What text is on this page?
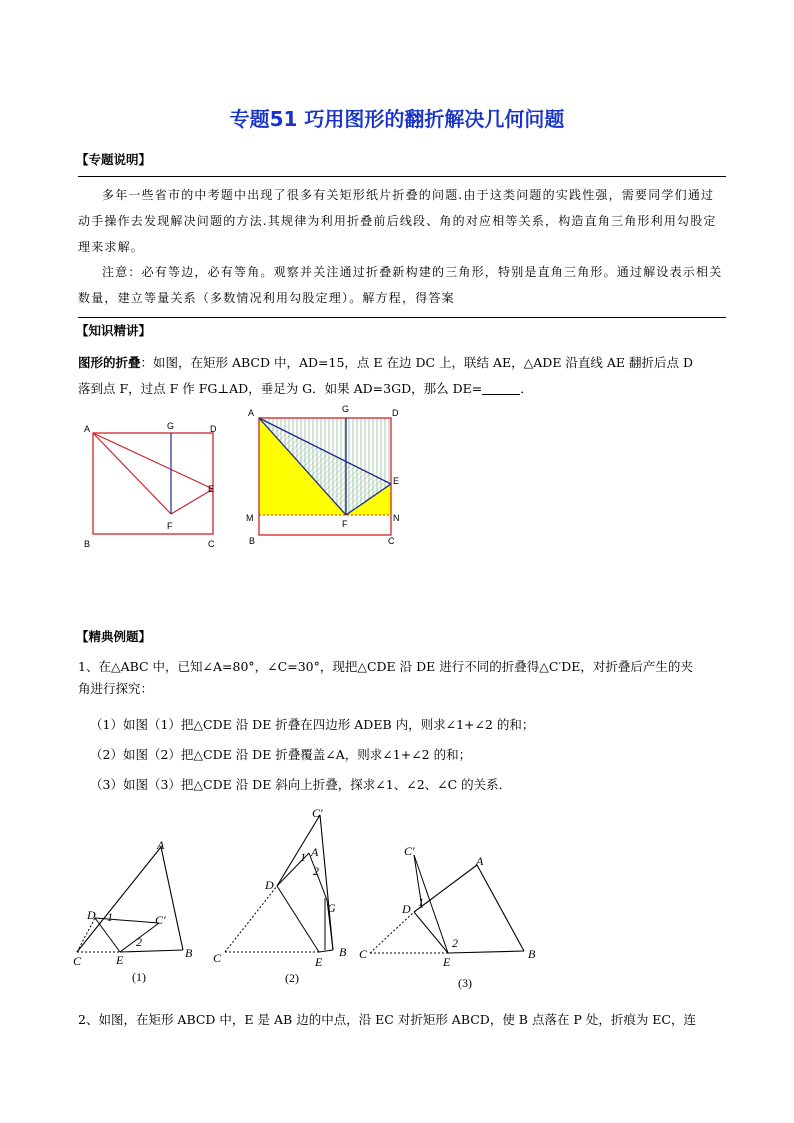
专题51 巧用图形的翻折解决几何问题
【专题说明】
多年一些省市的中考题中出现了很多有关矩形纸片折叠的问题.由于这类问题的实践性强，需要同学们通过动手操作去发现解决问题的方法.其规律为利用折叠前后线段、角的对应相等关系，构造直角三角形利用勾股定理来求解。
注意：必有等边，必有等角。观察并关注通过折叠新构建的三角形，特别是直角三角形。通过解设表示相关数量，建立等量关系（多数情况利用勾股定理）。解方程，得答案
【知识精讲】
图形的折叠：如图，在矩形 ABCD 中，AD=15，点 E 在边 DC 上，联结 AE，△ADE 沿直线 AE 翻折后点 D
落到点 F，过点 F 作 FG⊥AD，垂足为 G．如果 AD=3GD，那么 DE=	．
A	G	D
E
F
B	C
A	G	D
E
M
F
N
B	C
【精典例题】
1、在△ABC 中，已知∠A=80°，∠C=30°，现把△CDE 沿 DE 进行不同的折叠得△C′DE，对折叠后产生的夹
角进行探究：
（1）如图（1）把△CDE 沿 DE 折叠在四边形 ADEB 内，则求∠1+∠2 的和；
（2）如图（2）把△CDE 沿 DE 折叠覆盖∠A，则求∠1+∠2 的和；
（3）如图（3）把△CDE 沿 DE 斜向上折叠，探求∠1、∠2、∠C 的关系．
A
D 1	C′
2
C	E	B
(1)
C′
1 A
D
2
G
C	E
B
(2)
C′
A
1
D
2
C
E
B
(3)
2、如图，在矩形 ABCD 中，E 是 AB 边的中点，沿 EC 对折矩形 ABCD，使 B 点落在 P 处，折痕为 EC，连
